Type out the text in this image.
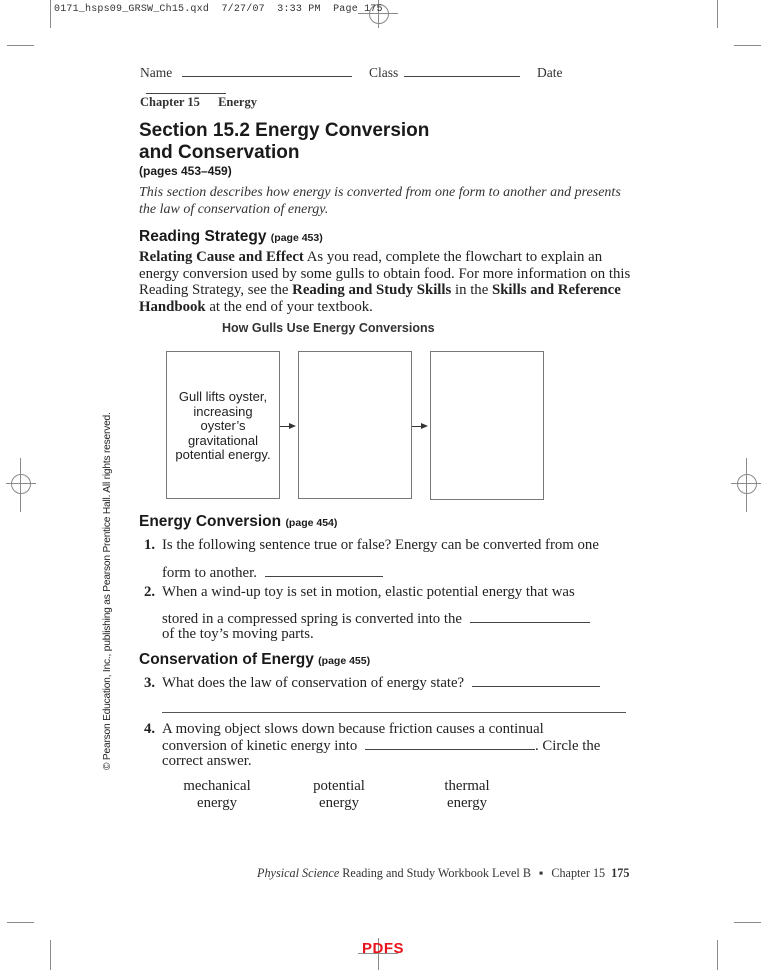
0171_hsps09_GRSW_Ch15.qxd 7/27/07 3:33 PM Page 175
Name	Class	Date
Chapter 15 Energy
Section 15.2 Energy Conversion
and Conservation
(pages 453–459)
This section describes how energy is converted from one form to another and presents the law of conservation of energy.
Reading Strategy (page 453)
Relating Cause and Effect As you read, complete the flowchart to explain an energy conversion used by some gulls to obtain food. For more information on this Reading Strategy, see the Reading and Study Skills in the Skills and Reference Handbook at the end of your textbook.
How Gulls Use Energy Conversions
Gull lifts oyster,
increasing
oyster’s
gravitational
potential energy.
© Pearson Education, Inc., publishing as Pearson Prentice Hall. All rights reserved. Energy Conversion (page 454)
1. Is the following sentence true or false? Energy can be converted from one
form to another.
2. When a wind-up toy is set in motion, elastic potential energy that was
stored in a compressed spring is converted into the
of the toy’s moving parts.
Conservation of Energy (page 455)
3. What does the law of conservation of energy state?
4. A moving object slows down because friction causes a continual
conversion of kinetic energy into	. Circle the
correct answer.
mechanical
energy
potential
energy
thermal
energy
Physical Science Reading and Study Workbook Level B ▪ Chapter 15 175
PDFS
